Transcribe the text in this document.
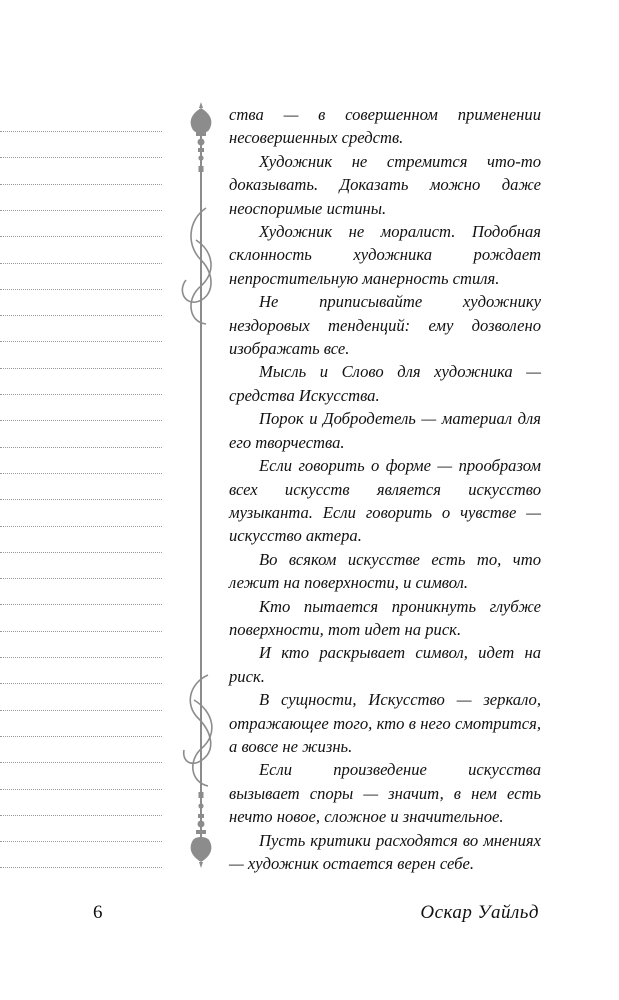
ства — в совершенном применении несовершенных средств.

Художник не стремится что-то доказывать. Доказать можно даже неоспоримые истины.

Художник не моралист. Подобная склонность художника рождает непростительную манерность стиля.

Не приписывайте художнику нездоровых тенденций: ему дозволено изображать все.

Мысль и Слово для художника — средства Искусства.

Порок и Добродетель — материал для его творчества.

Если говорить о форме — прообразом всех искусств является искусство музыканта. Если говорить о чувстве — искусство актера.

Во всяком искусстве есть то, что лежит на поверхности, и символ.

Кто пытается проникнуть глубже поверхности, тот идет на риск.

И кто раскрывает символ, идет на риск.

В сущности, Искусство — зеркало, отражающее того, кто в него смотрится, а вовсе не жизнь.

Если произведение искусства вызывает споры — значит, в нем есть нечто новое, сложное и значительное.

Пусть критики расходятся во мнениях — художник остается верен себе.

6	Оскар Уайльд
